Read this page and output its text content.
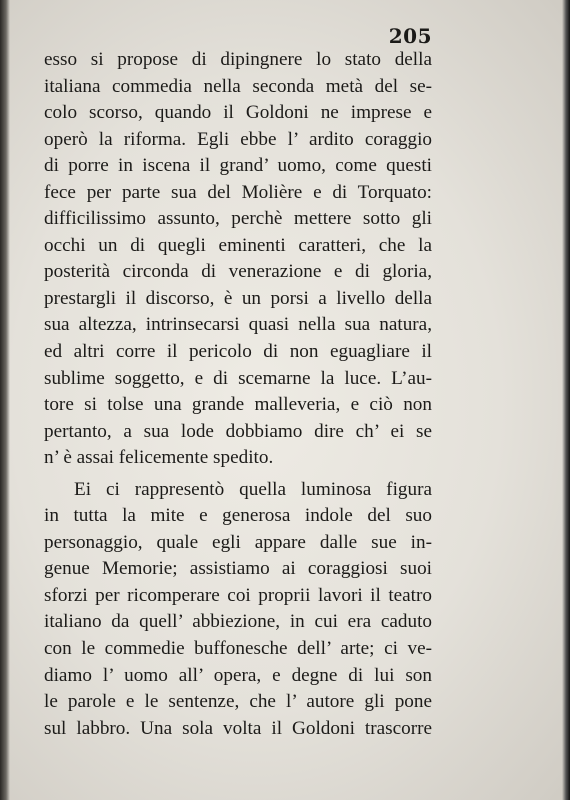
205
esso si propose di dipingnere lo stato della
italiana commedia nella seconda metà del se-
colo scorso, quando il Goldoni ne imprese e
operò la riforma. Egli ebbe l’ ardito coraggio
di porre in iscena il grand’ uomo, come questi
fece per parte sua del Molière e di Torquato:
difficilissimo assunto, perchè mettere sotto gli
occhi un di quegli eminenti caratteri, che la
posterità circonda di venerazione e di gloria,
prestargli il discorso, è un porsi a livello della
sua altezza, intrinsecarsi quasi nella sua natura,
ed altri corre il pericolo di non eguagliare il
sublime soggetto, e di scemarne la luce. L’au-
tore si tolse una grande malleveria, e ciò non
pertanto, a sua lode dobbiamo dire ch’ ei se
n’ è assai felicemente spedito.
Ei ci rappresentò quella luminosa figura
in tutta la mite e generosa indole del suo
personaggio, quale egli appare dalle sue in-
genue Memorie; assistiamo ai coraggiosi suoi
sforzi per ricomperare coi proprii lavori il teatro
italiano da quell’ abbiezione, in cui era caduto
con le commedie buffonesche dell’ arte; ci ve-
diamo l’ uomo all’ opera, e degne di lui son
le parole e le sentenze, che l’ autore gli pone
sul labbro. Una sola volta il Goldoni trascorre
